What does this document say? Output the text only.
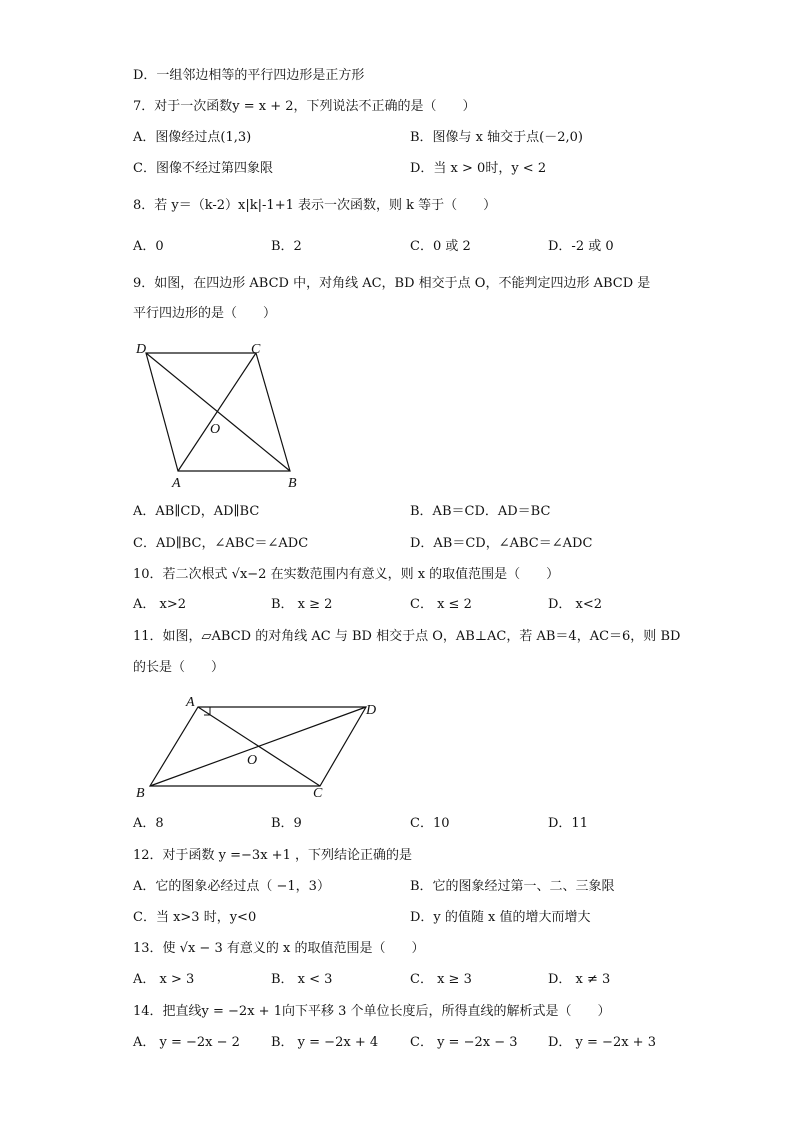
D．一组邻边相等的平行四边形是正方形
7．对于一次函数y = x + 2，下列说法不正确的是（　　）
A．图像经过点(1,3)	B．图像与 x 轴交于点(－2,0)
C．图像不经过第四象限	D．当 x > 0时，y < 2
8．若 y＝（k-2）x|k|-1+1 表示一次函数，则 k 等于（　　）
A．0	B．2	C．0 或 2	D．-2 或 0
9．如图，在四边形 ABCD 中，对角线 AC，BD 相交于点 O，不能判定四边形 ABCD 是
平行四边形的是（　　）
D	C
O
A	B
A．AB∥CD，AD∥BC	B．AB＝CD．AD＝BC
C．AD∥BC，∠ABC＝∠ADC	D．AB＝CD，∠ABC＝∠ADC
10．若二次根式 √x−2 在实数范围内有意义，则 x 的取值范围是（　　）
A． x>2	B． x ≥ 2	C． x ≤ 2	D． x<2
11．如图，▱ABCD 的对角线 AC 与 BD 相交于点 O，AB⊥AC，若 AB＝4，AC＝6，则 BD
的长是（　　）
A
D
O
B	C
A．8	B．9	C．10	D．11
12．对于函数 y =−3x +1 ，下列结论正确的是
A．它的图象必经过点（ −1，3）	B．它的图象经过第一、二、三象限
C．当 x>3 时，y<0	D．y 的值随 x 值的增大而增大
13．使 √x − 3 有意义的 x 的取值范围是（　　）
A． x > 3	B． x < 3	C． x ≥ 3	D． x ≠ 3
14．把直线y = −2x + 1向下平移 3 个单位长度后，所得直线的解析式是（　　）
A． y = −2x − 2 B． y = −2x + 4 C． y = −2x − 3 D． y = −2x + 3
